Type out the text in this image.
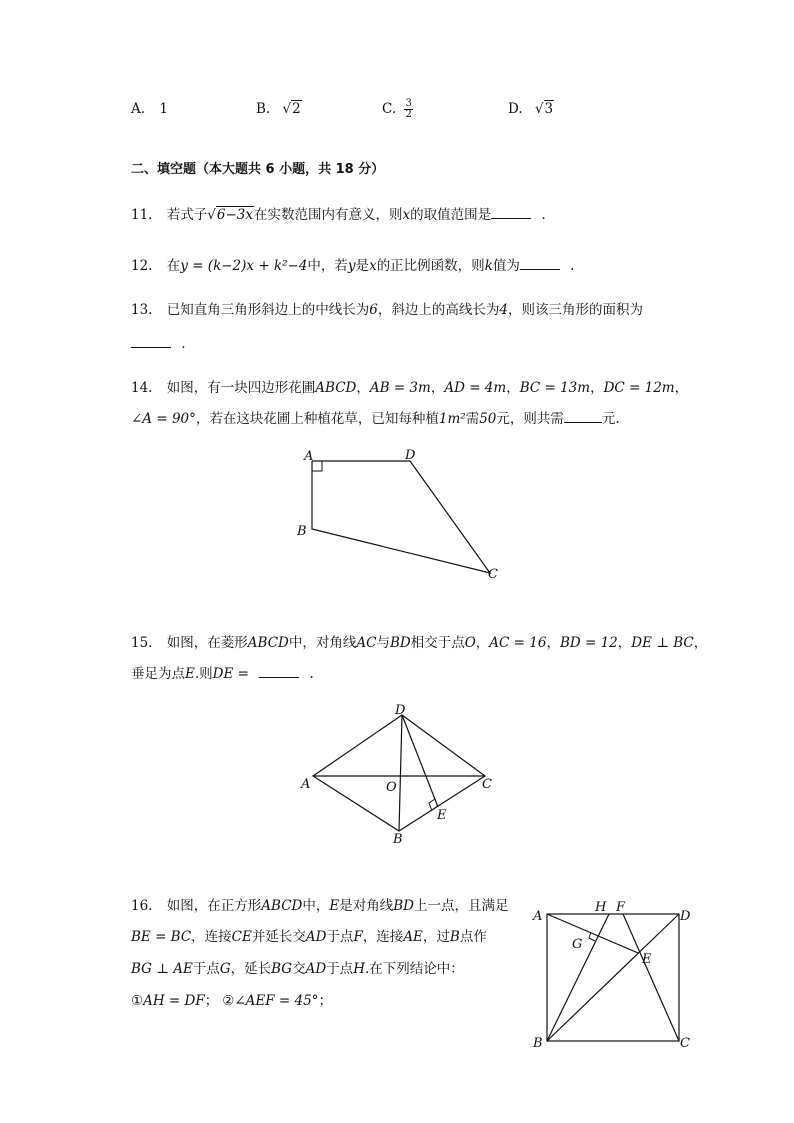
A. 1	B. √2	C. $\frac{3}{2}$	D. √3
二、填空题（本大题共 6 小题，共 18 分）
11. 若式子√6−3x在实数范围内有意义，则x的取值范围是	.
12. 在y = (k−2)x + k²−4中，若y是x的正比例函数，则k值为	.
13. 已知直角三角形斜边上的中线长为6，斜边上的高线长为4，则该三角形的面积为
.
14. 如图，有一块四边形花圃ABCD，AB = 3m，AD = 4m，BC = 13m，DC = 12m，
∠A = 90°，若在这块花圃上种植花草，已知每种植1m²需50元，则共需	元.
A	D
B
C
15. 如图，在菱形ABCD中，对角线AC与BD相交于点O，AC = 16，BD = 12，DE ⊥ BC，
垂足为点E.则DE =	.
D
A	O	C
E
B
16. 如图，在正方形ABCD中，E是对角线BD上一点，且满足
BE = BC，连接CE并延长交AD于点F，连接AE，过B点作
BG ⊥ AE于点G，延长BG交AD于点H.在下列结论中：
①AH = DF； ②∠AEF = 45°；
A
H F
D
G
E
B	C
